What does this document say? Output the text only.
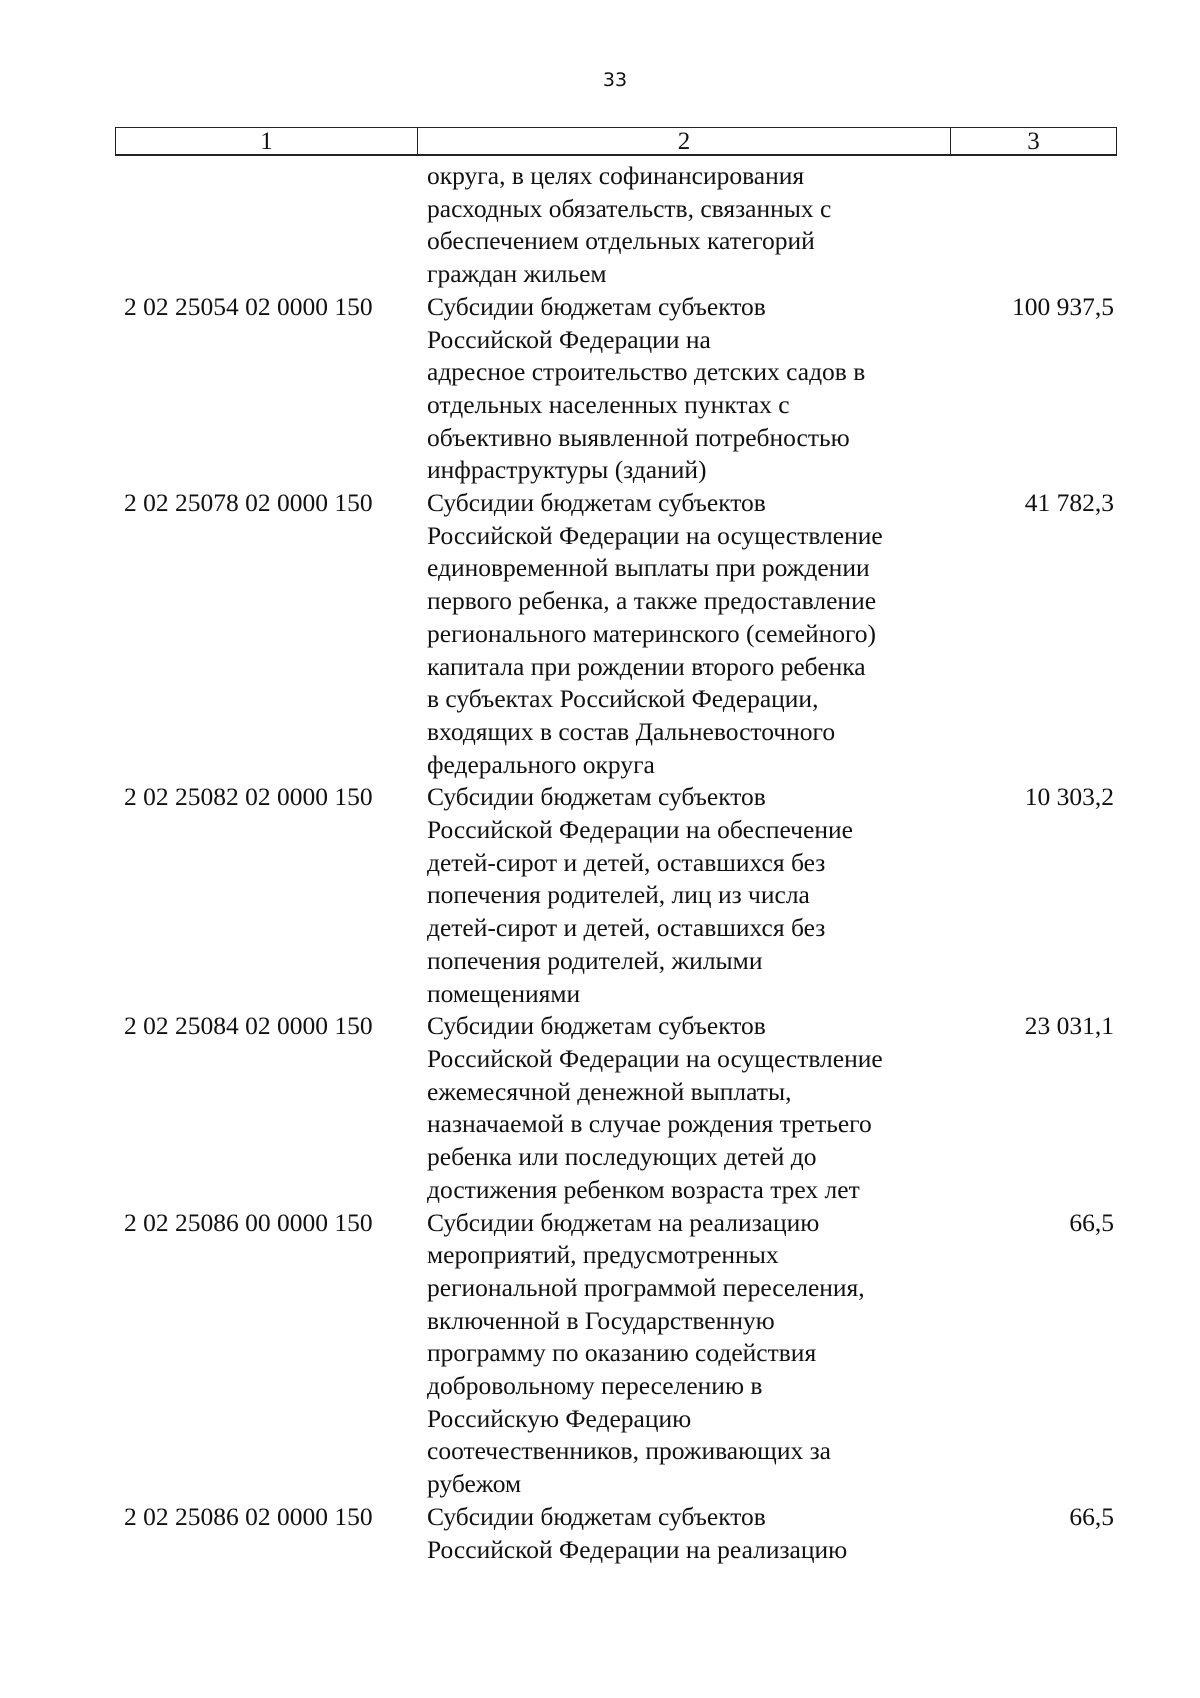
33
1	2	3
округа, в целях софинансирования
расходных обязательств, связанных с
обеспечением отдельных категорий
граждан жильем
2 02 25054 02 0000 150 Субсидии бюджетам субъектов
Российской Федерации на
адресное строительство детских садов в
отдельных населенных пунктах с
объективно выявленной потребностью
инфраструктуры (зданий)
100 937,5
2 02 25078 02 0000 150 Субсидии бюджетам субъектов
Российской Федерации на осуществление
единовременной выплаты при рождении
первого ребенка, а также предоставление
регионального материнского (семейного)
капитала при рождении второго ребенка
в субъектах Российской Федерации,
входящих в состав Дальневосточного
федерального округа
41 782,3
2 02 25082 02 0000 150 Субсидии бюджетам субъектов
Российской Федерации на обеспечение
детей-сирот и детей, оставшихся без
попечения родителей, лиц из числа
детей-сирот и детей, оставшихся без
попечения родителей, жилыми
помещениями
10 303,2
2 02 25084 02 0000 150 Субсидии бюджетам субъектов
Российской Федерации на осуществление
ежемесячной денежной выплаты,
назначаемой в случае рождения третьего
ребенка или последующих детей до
достижения ребенком возраста трех лет
23 031,1
2 02 25086 00 0000 150 Субсидии бюджетам на реализацию
мероприятий, предусмотренных
региональной программой переселения,
включенной в Государственную
программу по оказанию содействия
добровольному переселению в
Российскую Федерацию
соотечественников, проживающих за
рубежом
66,5
2 02 25086 02 0000 150 Субсидии бюджетам субъектов
Российской Федерации на реализацию
66,5
